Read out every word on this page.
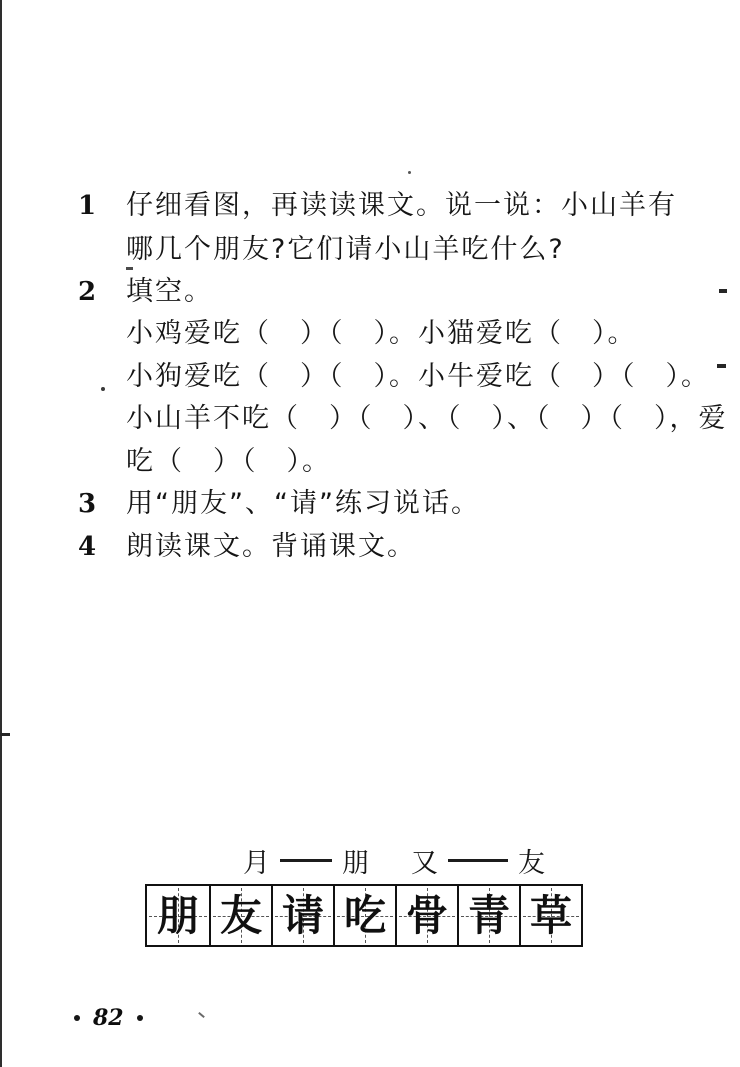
1 仔细看图，再读读课文。说一说：小山羊有
哪几个朋友?它们请小山羊吃什么?
2 填空。
小鸡爱吃（　）（　）。小猫爱吃（　）。
小狗爱吃（　）（　）。小牛爱吃（　）（　）。
小山羊不吃（　）（　）、（　）、（　）（　），爱
吃（　）（　）。
3 用“朋友”、“请”练习说话。
4 朗读课文。背诵课文。
月	朋 又	友
朋 友 请 吃 骨 青 草
82
